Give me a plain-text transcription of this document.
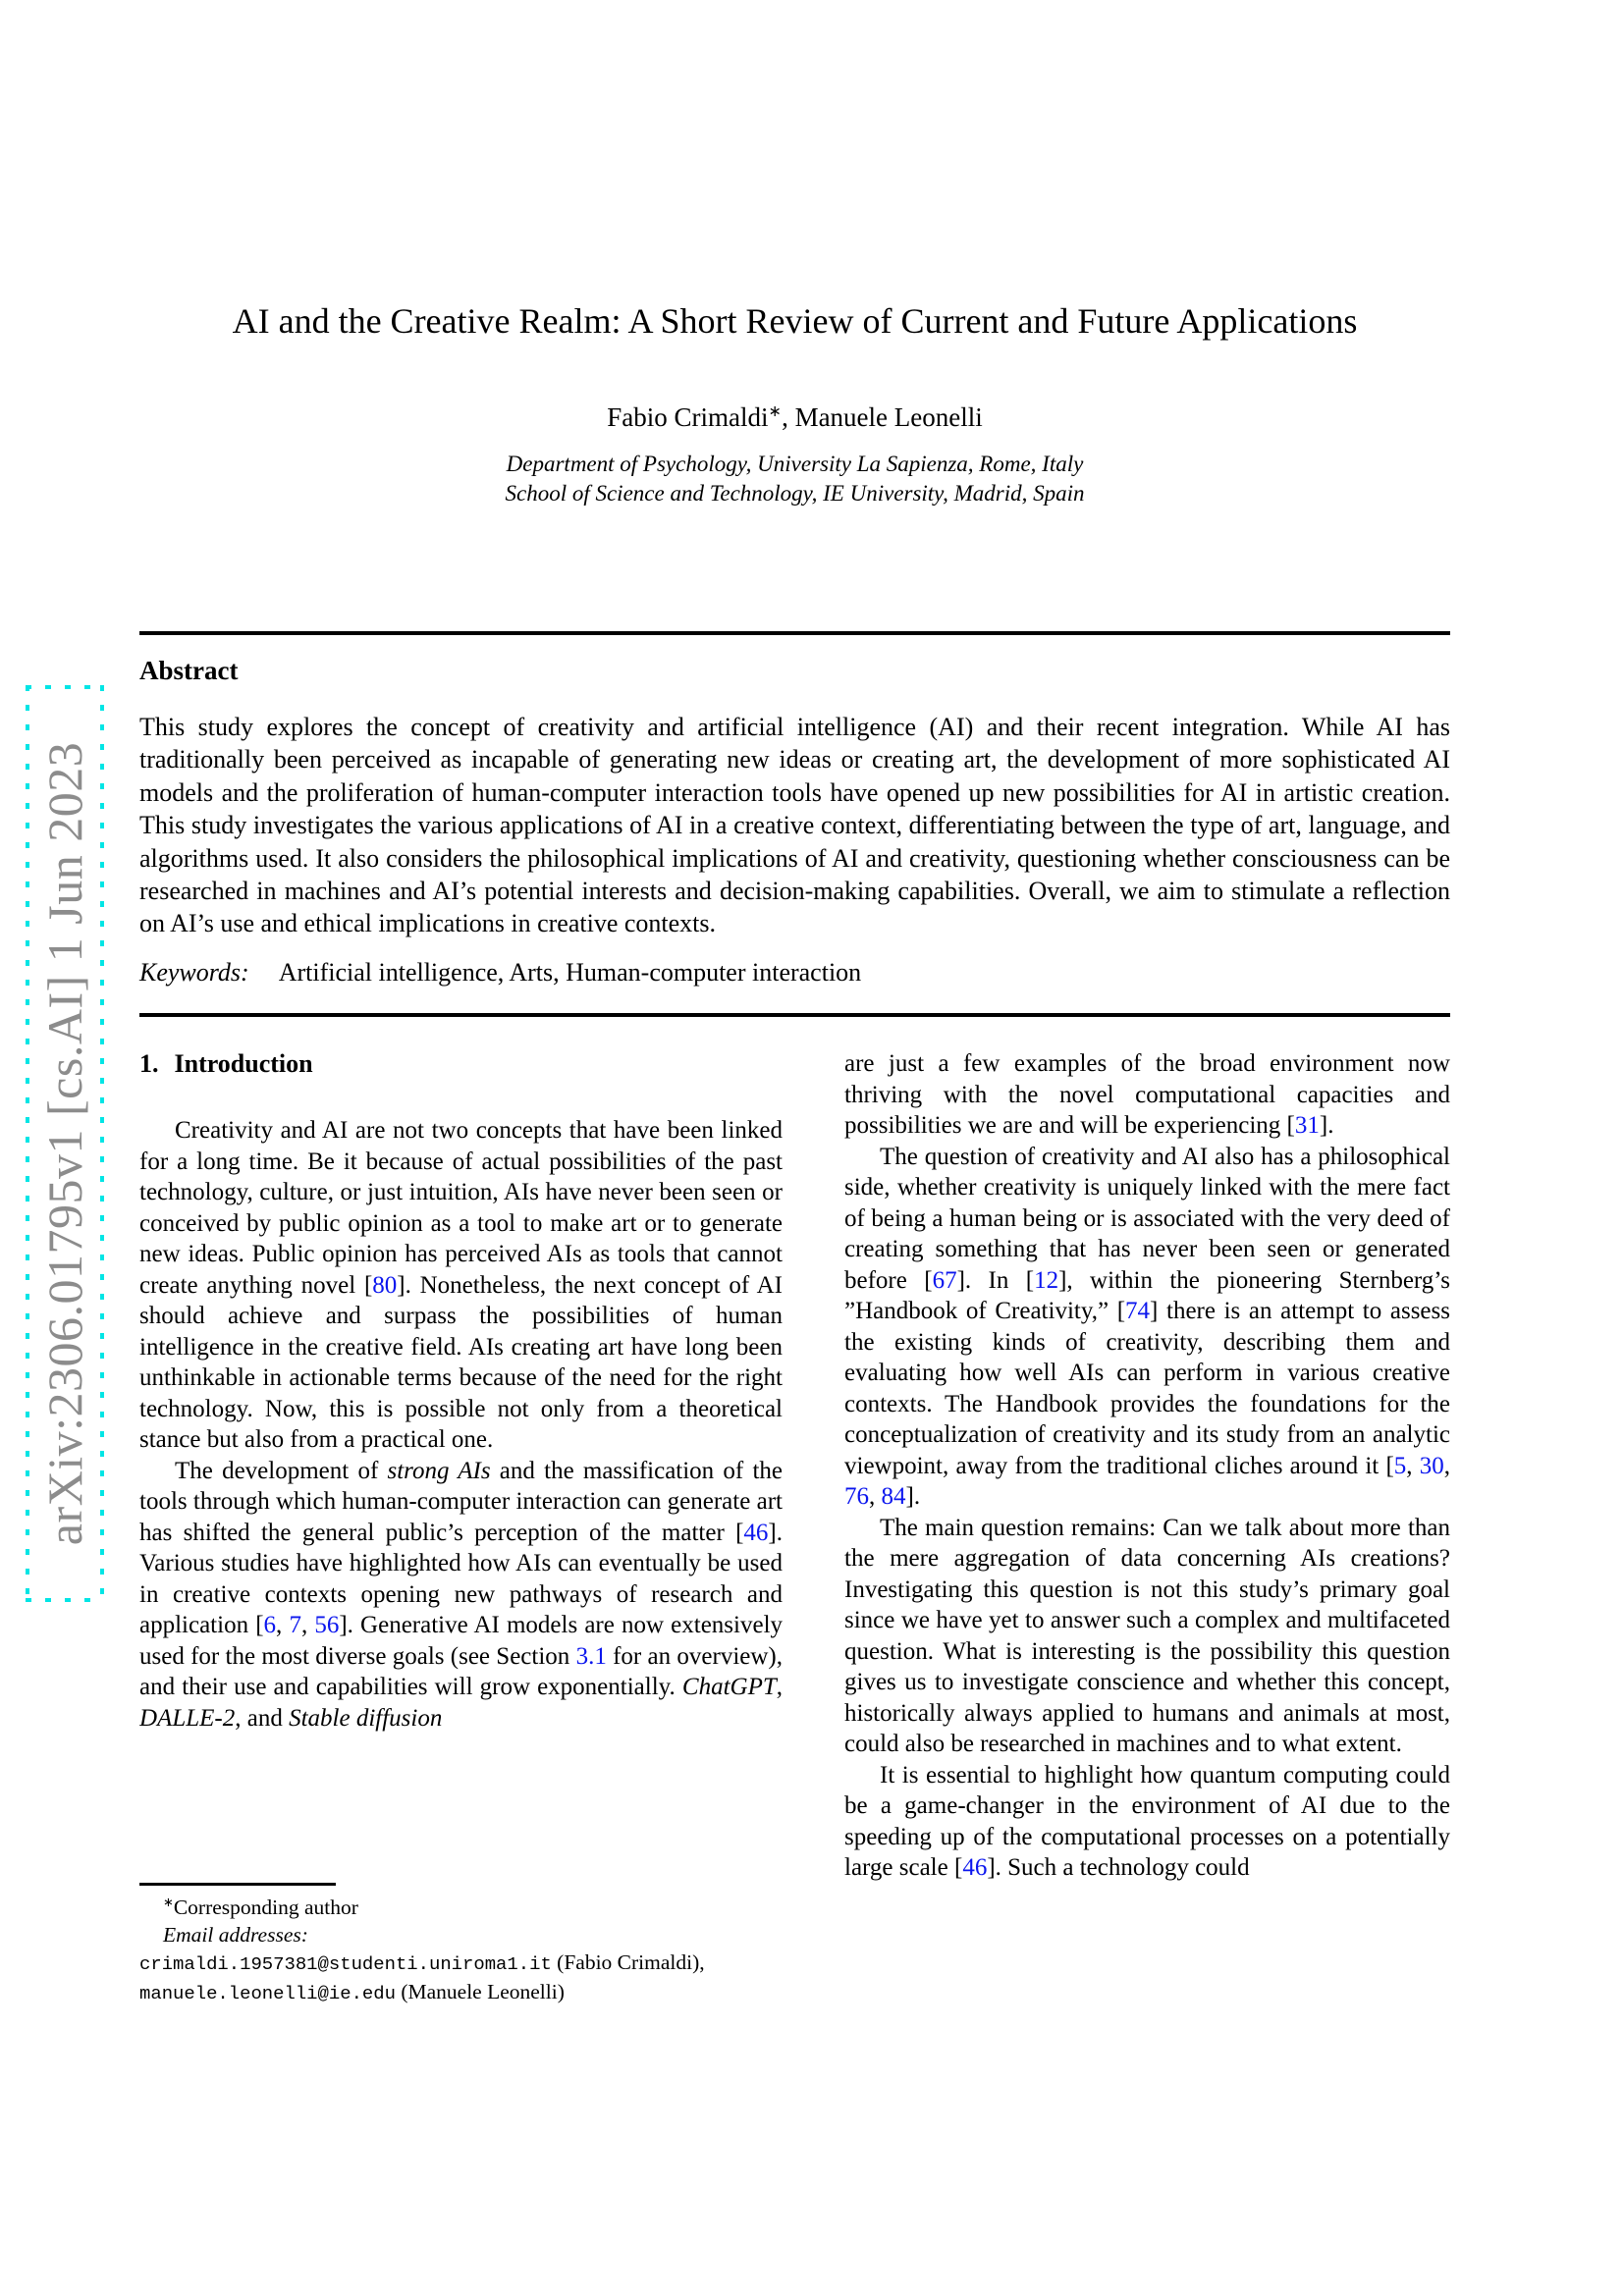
arXiv:2306.01795v1 [cs.AI] 1 Jun 2023
AI and the Creative Realm: A Short Review of Current and Future Applications
Fabio Crimaldi∗, Manuele Leonelli
Department of Psychology, University La Sapienza, Rome, Italy
School of Science and Technology, IE University, Madrid, Spain
Abstract
This study explores the concept of creativity and artificial intelligence (AI) and their recent integration. While AI has traditionally been perceived as incapable of generating new ideas or creating art, the development of more sophisticated AI models and the proliferation of human-computer interaction tools have opened up new possibilities for AI in artistic creation. This study investigates the various applications of AI in a creative context, differentiating between the type of art, language, and algorithms used. It also considers the philosophical implications of AI and creativity, questioning whether consciousness can be researched in machines and AI’s potential interests and decision-making capabilities. Overall, we aim to stimulate a reflection on AI’s use and ethical implications in creative contexts.
Keywords: Artificial intelligence, Arts, Human-computer interaction
1. Introduction

Creativity and AI are not two concepts that have been linked for a long time. Be it because of actual possibilities of the past technology, culture, or just intuition, AIs have never been seen or conceived by public opinion as a tool to make art or to generate new ideas. Public opinion has perceived AIs as tools that cannot create anything novel [80]. Nonetheless, the next concept of AI should achieve and surpass the possibilities of human intelligence in the creative field. AIs creating art have long been unthinkable in actionable terms because of the need for the right technology. Now, this is possible not only from a theoretical stance but also from a practical one.

The development of strong AIs and the massification of the tools through which human-computer interaction can generate art has shifted the general public’s perception of the matter [46]. Various studies have highlighted how AIs can eventually be used in creative contexts opening new pathways of research and application [6, 7, 56]. Generative AI models are now extensively used for the most diverse goals (see Section 3.1 for an overview), and their use and capabilities will grow exponentially. ChatGPT, DALLE-2, and Stable diffusion

are just a few examples of the broad environment now thriving with the novel computational capacities and possibilities we are and will be experiencing [31].

The question of creativity and AI also has a philosophical side, whether creativity is uniquely linked with the mere fact of being a human being or is associated with the very deed of creating something that has never been seen or generated before [67]. In [12], within the pioneering Sternberg’s ”Handbook of Creativity,” [74] there is an attempt to assess the existing kinds of creativity, describing them and evaluating how well AIs can perform in various creative contexts. The Handbook provides the foundations for the conceptualization of creativity and its study from an analytic viewpoint, away from the traditional cliches around it [5, 30, 76, 84].

The main question remains: Can we talk about more than the mere aggregation of data concerning AIs creations? Investigating this question is not this study’s primary goal since we have yet to answer such a complex and multifaceted question. What is interesting is the possibility this question gives us to investigate conscience and whether this concept, historically always applied to humans and animals at most, could also be researched in machines and to what extent.

It is essential to highlight how quantum computing could be a game-changer in the environment of AI due to the speeding up of the computational processes on a potentially large scale [46]. Such a technology could

∗Corresponding author
Email addresses:
crimaldi.1957381@studenti.uniroma1.it (Fabio Crimaldi),
manuele.leonelli@ie.edu (Manuele Leonelli)
